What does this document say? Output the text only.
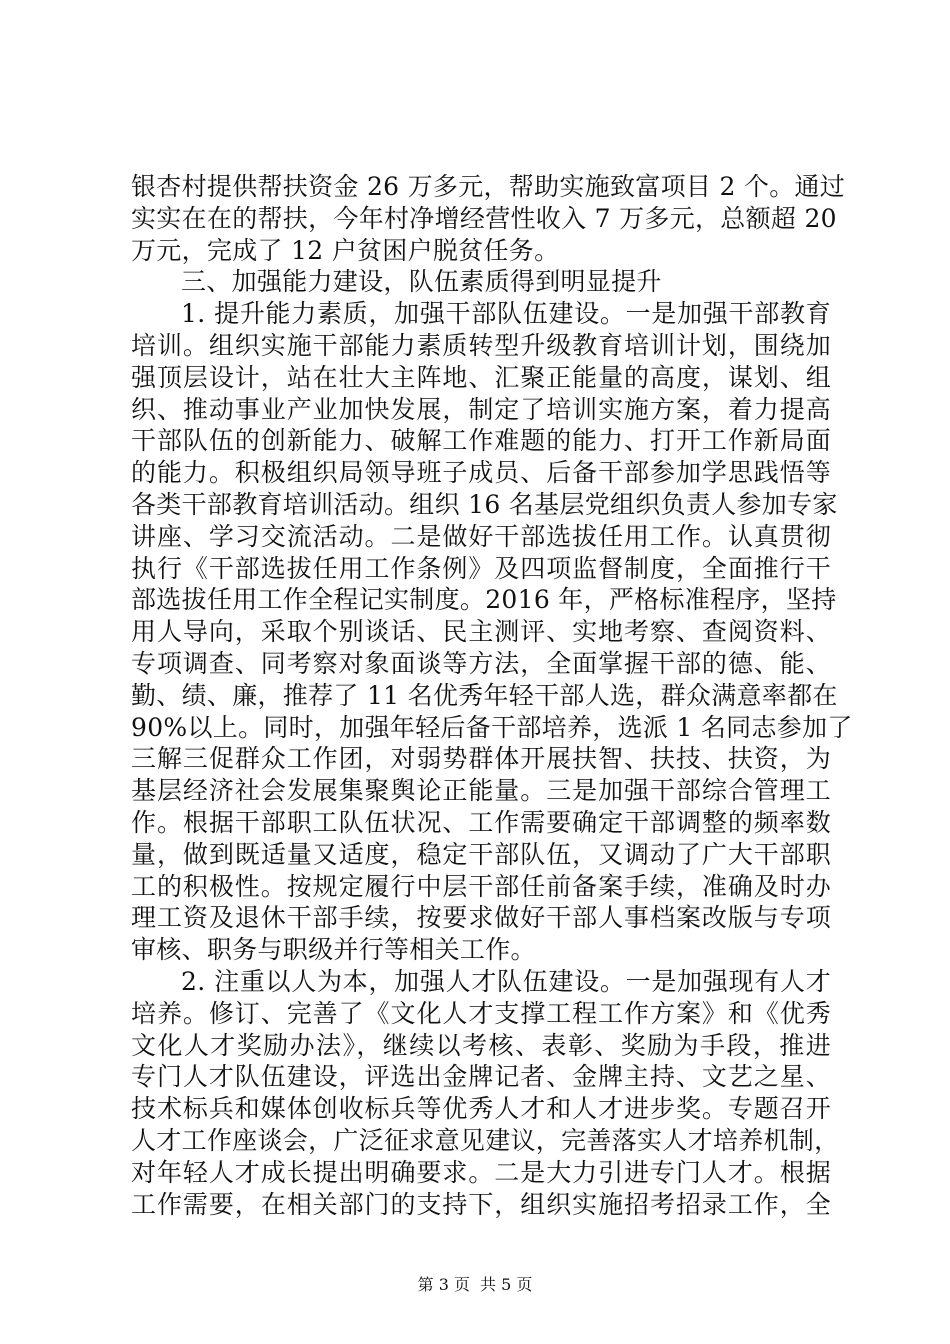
银杏村提供帮扶资金 26 万多元，帮助实施致富项目 2 个。通过
实实在在的帮扶，今年村净增经营性收入 7 万多元，总额超 20
万元，完成了 12 户贫困户脱贫任务。
三、加强能力建设，队伍素质得到明显提升
1. 提升能力素质，加强干部队伍建设。一是加强干部教育
培训。组织实施干部能力素质转型升级教育培训计划，围绕加
强顶层设计，站在壮大主阵地、汇聚正能量的高度，谋划、组
织、推动事业产业加快发展，制定了培训实施方案，着力提高
干部队伍的创新能力、破解工作难题的能力、打开工作新局面
的能力。积极组织局领导班子成员、后备干部参加学思践悟等
各类干部教育培训活动。组织 16 名基层党组织负责人参加专家
讲座、学习交流活动。二是做好干部选拔任用工作。认真贯彻
执行《干部选拔任用工作条例》及四项监督制度，全面推行干
部选拔任用工作全程记实制度。2016 年，严格标准程序，坚持
用人导向，采取个别谈话、民主测评、实地考察、查阅资料、
专项调查、同考察对象面谈等方法，全面掌握干部的德、能、
勤、绩、廉，推荐了 11 名优秀年轻干部人选，群众满意率都在
90%以上。同时，加强年轻后备干部培养，选派 1 名同志参加了
三解三促群众工作团，对弱势群体开展扶智、扶技、扶资，为
基层经济社会发展集聚舆论正能量。三是加强干部综合管理工
作。根据干部职工队伍状况、工作需要确定干部调整的频率数
量，做到既适量又适度，稳定干部队伍，又调动了广大干部职
工的积极性。按规定履行中层干部任前备案手续，准确及时办
理工资及退休干部手续，按要求做好干部人事档案改版与专项
审核、职务与职级并行等相关工作。
2. 注重以人为本，加强人才队伍建设。一是加强现有人才
培养。修订、完善了《文化人才支撑工程工作方案》和《优秀
文化人才奖励办法》，继续以考核、表彰、奖励为手段，推进
专门人才队伍建设，评选出金牌记者、金牌主持、文艺之星、
技术标兵和媒体创收标兵等优秀人才和人才进步奖。专题召开
人才工作座谈会，广泛征求意见建议，完善落实人才培养机制，
对年轻人才成长提出明确要求。二是大力引进专门人才。根据
工作需要，在相关部门的支持下，组织实施招考招录工作，全
第 3 页 共 5 页
